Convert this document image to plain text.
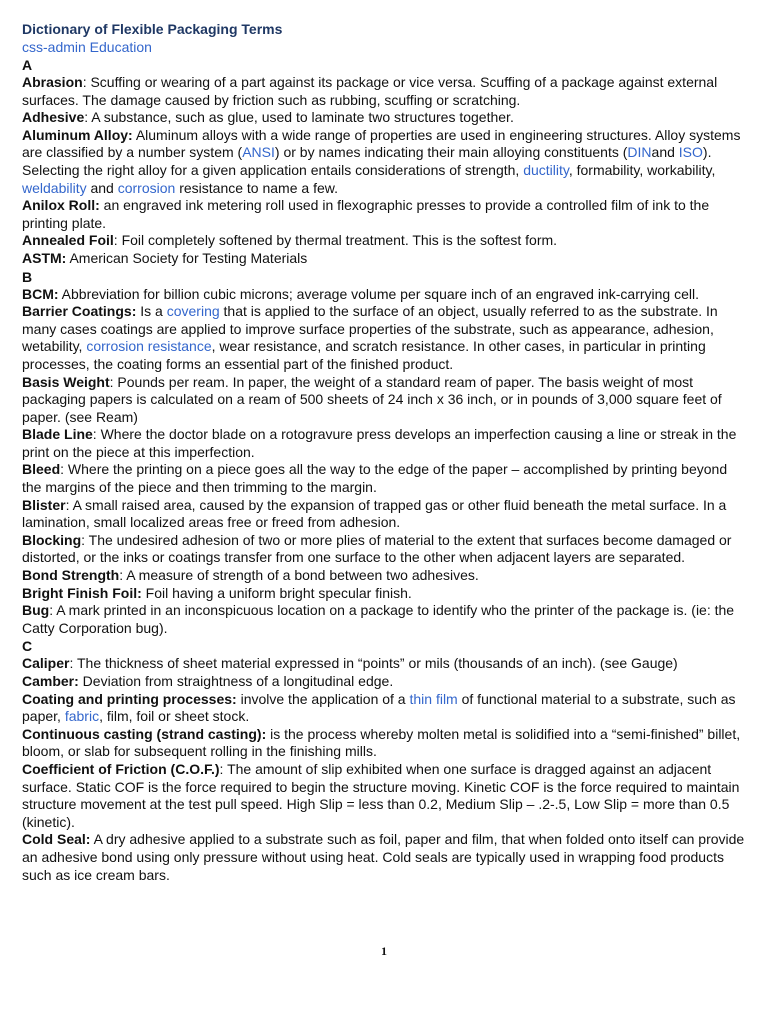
Dictionary of Flexible Packaging Terms
css-admin Education
A
Abrasion: Scuffing or wearing of a part against its package or vice versa. Scuffing of a package against external surfaces. The damage caused by friction such as rubbing, scuffing or scratching.
Adhesive: A substance, such as glue, used to laminate two structures together.
Aluminum Alloy: Aluminum alloys with a wide range of properties are used in engineering structures. Alloy systems are classified by a number system (ANSI) or by names indicating their main alloying constituents (DINand ISO). Selecting the right alloy for a given application entails considerations of strength, ductility, formability, workability, weldability and corrosion resistance to name a few.
Anilox Roll: an engraved ink metering roll used in flexographic presses to provide a controlled film of ink to the printing plate.
Annealed Foil: Foil completely softened by thermal treatment. This is the softest form.
ASTM: American Society for Testing Materials
B
BCM: Abbreviation for billion cubic microns; average volume per square inch of an engraved ink-carrying cell.
Barrier Coatings: Is a covering that is applied to the surface of an object, usually referred to as the substrate. In many cases coatings are applied to improve surface properties of the substrate, such as appearance, adhesion, wetability, corrosion resistance, wear resistance, and scratch resistance. In other cases, in particular in printing processes, the coating forms an essential part of the finished product.
Basis Weight: Pounds per ream. In paper, the weight of a standard ream of paper. The basis weight of most packaging papers is calculated on a ream of 500 sheets of 24 inch x 36 inch, or in pounds of 3,000 square feet of paper. (see Ream)
Blade Line: Where the doctor blade on a rotogravure press develops an imperfection causing a line or streak in the print on the piece at this imperfection.
Bleed: Where the printing on a piece goes all the way to the edge of the paper – accomplished by printing beyond the margins of the piece and then trimming to the margin.
Blister: A small raised area, caused by the expansion of trapped gas or other fluid beneath the metal surface. In a lamination, small localized areas free or freed from adhesion.
Blocking: The undesired adhesion of two or more plies of material to the extent that surfaces become damaged or distorted, or the inks or coatings transfer from one surface to the other when adjacent layers are separated.
Bond Strength: A measure of strength of a bond between two adhesives.
Bright Finish Foil: Foil having a uniform bright specular finish.
Bug: A mark printed in an inconspicuous location on a package to identify who the printer of the package is. (ie: the Catty Corporation bug).
C
Caliper: The thickness of sheet material expressed in “points” or mils (thousands of an inch). (see Gauge)
Camber: Deviation from straightness of a longitudinal edge.
Coating and printing processes: involve the application of a thin film of functional material to a substrate, such as paper, fabric, film, foil or sheet stock.
Continuous casting (strand casting): is the process whereby molten metal is solidified into a “semi-finished” billet, bloom, or slab for subsequent rolling in the finishing mills.
Coefficient of Friction (C.O.F.): The amount of slip exhibited when one surface is dragged against an adjacent surface. Static COF is the force required to begin the structure moving. Kinetic COF is the force required to maintain structure movement at the test pull speed. High Slip = less than 0.2, Medium Slip – .2-.5, Low Slip = more than 0.5 (kinetic).
Cold Seal: A dry adhesive applied to a substrate such as foil, paper and film, that when folded onto itself can provide an adhesive bond using only pressure without using heat. Cold seals are typically used in wrapping food products such as ice cream bars.
1
